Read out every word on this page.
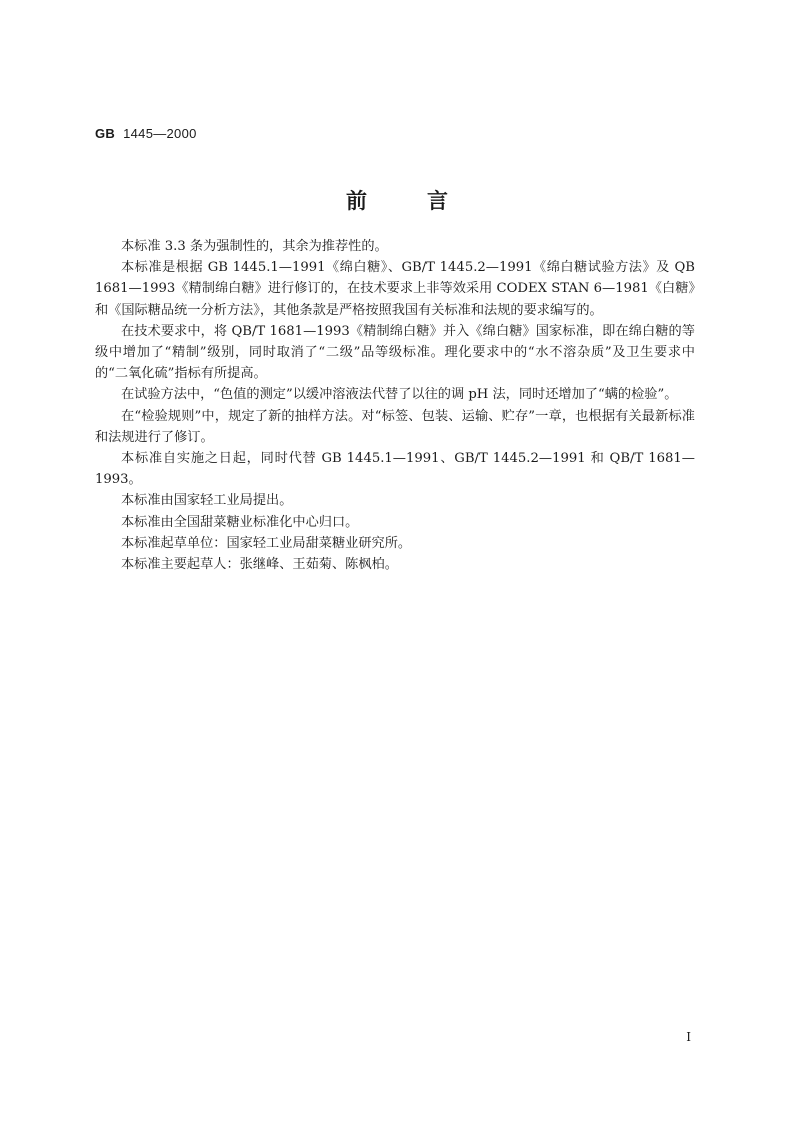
GB 1445—2000
前言

本标准 3.3 条为强制性的，其余为推荐性的。

本标准是根据 GB 1445.1—1991《绵白糖》、GB/T 1445.2—1991《绵白糖试验方法》及 QB 1681—1993《精制绵白糖》进行修订的，在技术要求上非等效采用 CODEX STAN 6—1981《白糖》和《国际糖品统一分析方法》，其他条款是严格按照我国有关标准和法规的要求编写的。

在技术要求中，将 QB/T 1681—1993《精制绵白糖》并入《绵白糖》国家标准，即在绵白糖的等级中增加了“精制”级别，同时取消了“二级”品等级标准。理化要求中的“水不溶杂质”及卫生要求中的“二氧化硫”指标有所提高。

在试验方法中，“色值的测定”以缓冲溶液法代替了以往的调 pH 法，同时还增加了“螨的检验”。

在“检验规则”中，规定了新的抽样方法。对“标签、包装、运输、贮存”一章，也根据有关最新标准和法规进行了修订。

本标准自实施之日起，同时代替 GB 1445.1—1991、GB/T 1445.2—1991 和 QB/T 1681—1993。

本标准由国家轻工业局提出。

本标准由全国甜菜糖业标准化中心归口。

本标准起草单位：国家轻工业局甜菜糖业研究所。

本标准主要起草人：张继峰、王茹菊、陈枫柏。

I
